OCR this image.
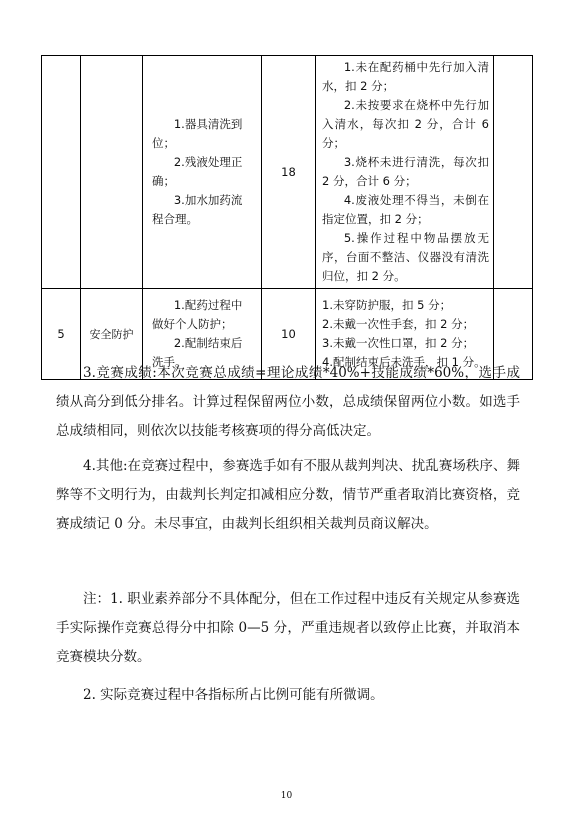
		1.器具清洗到位；
2.残液处理正确；
3.加水加药流程合理。	18	1.未在配药桶中先行加入清水，扣 2 分；
2.未按要求在烧杯中先行加入清水，每次扣 2 分，合计 6 分；
3.烧杯未进行清洗，每次扣 2 分，合计 6 分；
4.废液处理不得当，未倒在指定位置，扣 2 分；
5.操作过程中物品摆放无序，台面不整洁、仪器没有清洗归位，扣 2 分。	

5	安全防护	1.配药过程中做好个人防护；
2.配制结束后洗手。	10	1.未穿防护服，扣 5 分；
2.未戴一次性手套，扣 2 分；
3.未戴一次性口罩，扣 2 分；
4.配制结束后未洗手，扣 1 分。	

3.竞赛成绩:本次竞赛总成绩=理论成绩*40%+技能成绩*60%，选手成绩从高分到低分排名。计算过程保留两位小数，总成绩保留两位小数。如选手总成绩相同，则依次以技能考核赛项的得分高低决定。

4.其他:在竞赛过程中，参赛选手如有不服从裁判判决、扰乱赛场秩序、舞弊等不文明行为，由裁判长判定扣减相应分数，情节严重者取消比赛资格，竞赛成绩记 0 分。未尽事宜，由裁判长组织相关裁判员商议解决。

注：1. 职业素养部分不具体配分，但在工作过程中违反有关规定从参赛选手实际操作竞赛总得分中扣除 0—5 分，严重违规者以致停止比赛，并取消本竞赛模块分数。

2. 实际竞赛过程中各指标所占比例可能有所微调。

10
